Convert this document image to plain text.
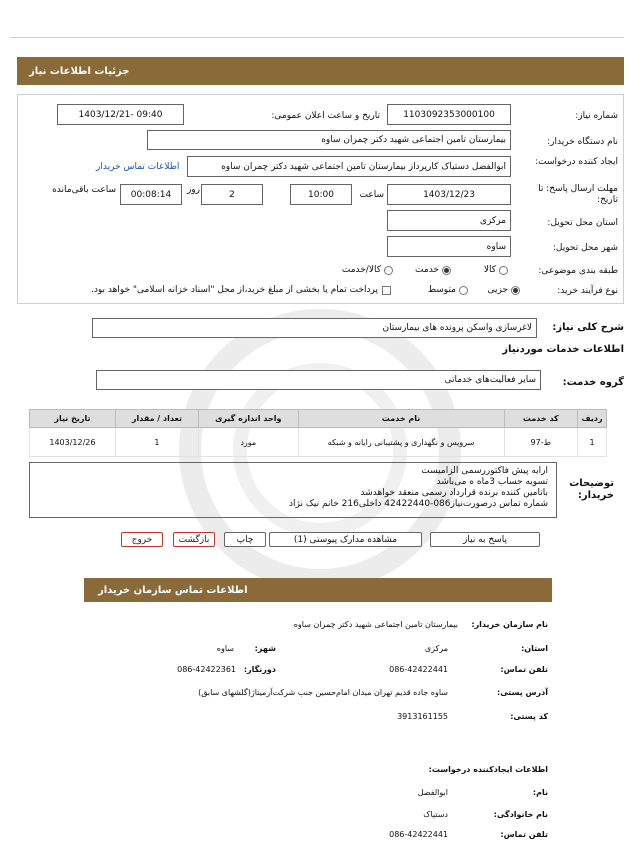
جزئیات اطلاعات نیاز
شماره نیاز:
1103092353000100
تاریخ و ساعت اعلان عمومی:
1403/12/21- 09:40
نام دستگاه خریدار:
بیمارستان تامین اجتماعی شهید دکتر چمران ساوه
ایجاد کننده درخواست:
ابوالفضل دستیاک کارپرداز بیمارستان تامین اجتماعی شهید دکتر چمران ساوه
اطلاعات تماس خریدار
مهلت ارسال پاسخ: تا تاریخ:
1403/12/23
ساعت
10:00
2
روز
00:08:14
ساعت باقی‌مانده
استان محل تحویل:
مرکزی
شهر محل تحویل:
ساوه
طبقه بندی موضوعی:
کالا
خدمت
کالا/خدمت
نوع فرآیند خرید:
جزیی
متوسط
پرداخت تمام یا بخشی از مبلغ خرید،از محل "اسناد خزانه اسلامی" خواهد بود.
شرح کلی نیاز:
لاغرسازی واسکن پرونده های بیمارستان
اطلاعات خدمات موردنیاز
گروه خدمت:
سایر فعالیت‌های خدماتی
ردیف	کد خدمت	نام خدمت	واحد اندازه گیری	تعداد / مقدار	تاریخ نیاز
1	ط-97	سرویس و نگهداری و پشتیبانی رایانه و شبکه	مورد	1	1403/12/26
توضیحات خریدار:
ارایه پیش فاکتوررسمی الزامیست
تسویه حساب 3ماه ه می‌باشد
باتامین کننده برنده قرارداد رسمی منعقد خواهدشد
شماره تماس درصورت‌نیاز086-42422440 داخلی216 خانم نیک نژاد
پاسخ به نیاز
مشاهده مدارک پیوستی (1)
چاپ
بازگشت
خروج
اطلاعات تماس سازمان خریدار
نام سازمان خریدار:
بیمارستان تامین اجتماعی شهید دکتر چمران ساوه
استان:
مرکزی
شهر:
ساوه
تلفن تماس:
086-42422441
دورنگار:
086-42422361
آدرس پستی:
ساوه جاده قدیم تهران میدان امام‌حسین جنب شرکت‌آرمیتاژ(گلشهای سابق)
کد پستی:
3913161155
اطلاعات ایجادکننده درخواست:
نام:
ابوالفضل
نام خانوادگی:
دستیاک
تلفن تماس:
086-42422441
